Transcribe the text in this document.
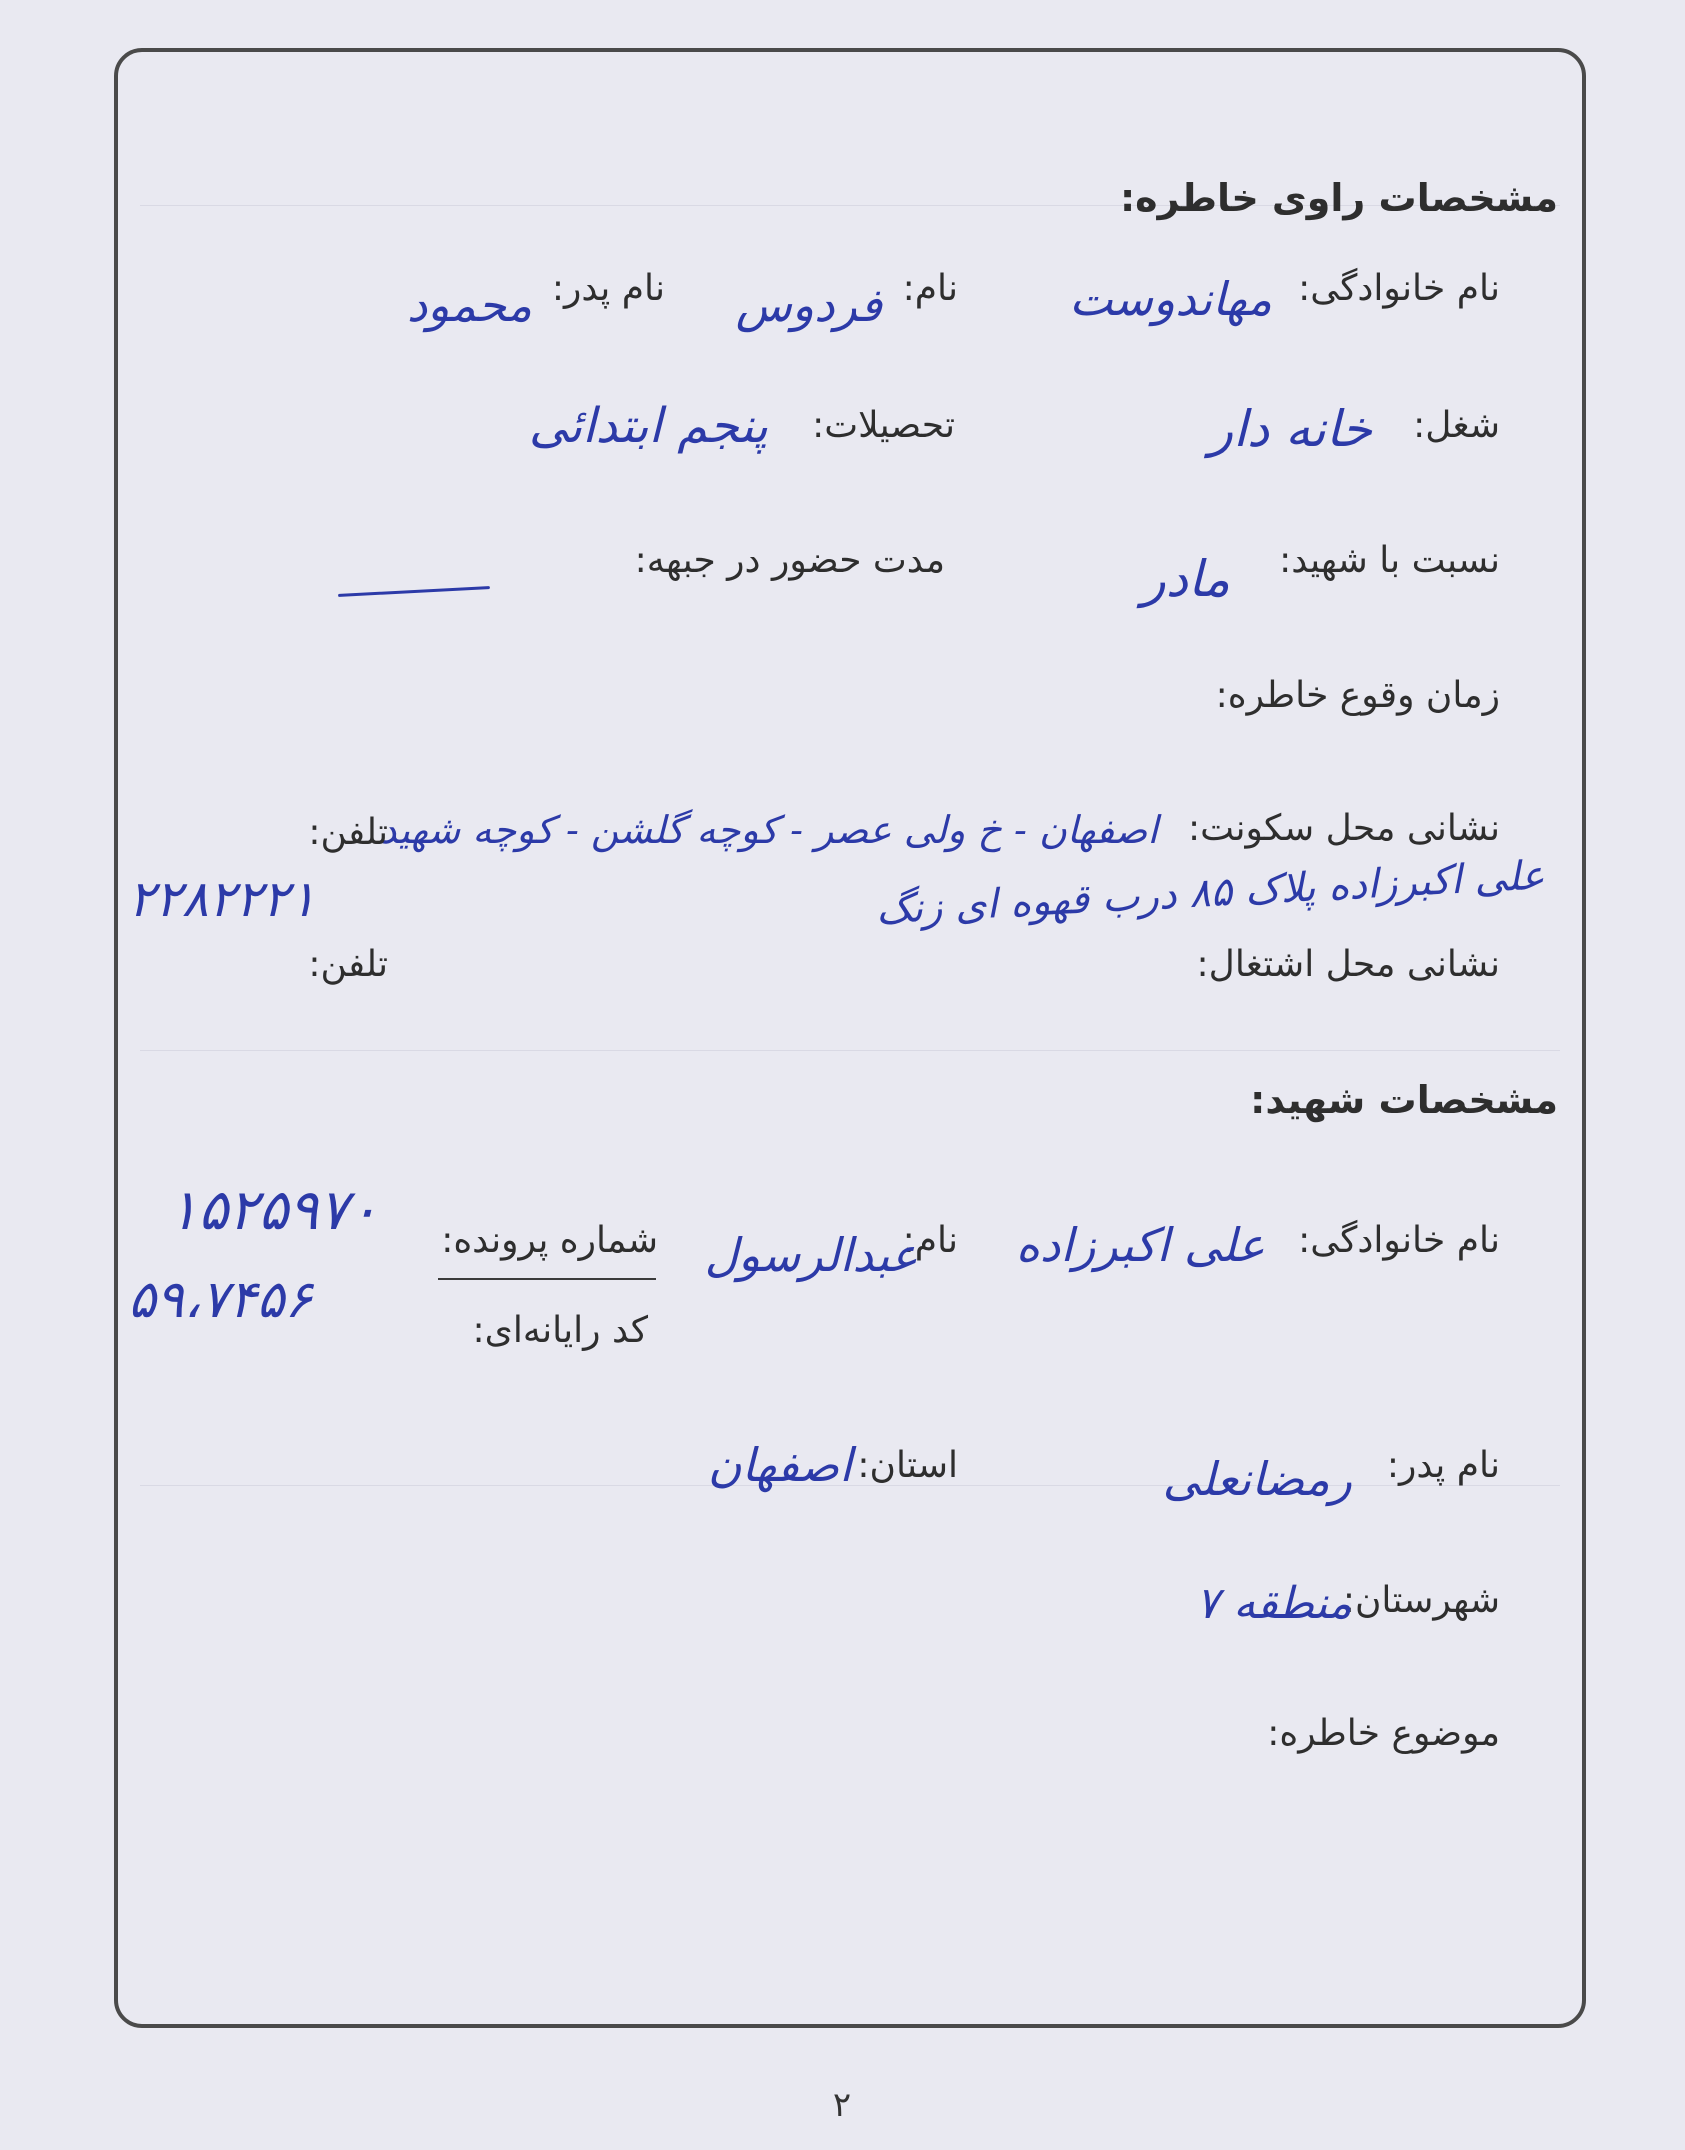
مشخصات راوی خاطره:
نام خانوادگی:
مهاندوست
نام:
فردوس
نام پدر:
محمود
شغل:
خانه دار
تحصیلات:
پنجم ابتدائی
نسبت با شهید:
مادر
مدت حضور در جبهه:
زمان وقوع خاطره:
نشانی محل سکونت:
اصفهان - خ ولی عصر - کوچه گلشن - کوچه شهید
تلفن:
۲۲۸۲۲۲۱	علی اکبرزاده پلاک ۸۵ درب قهوه ای زنگ
نشانی محل اشتغال:
تلفن:
مشخصات شهید:
۱۵۲۵۹۷۰	نام خانوادگی:
علی اکبرزاده
نام:
عبدالرسول
شماره پرونده:
۵۹،۷۴۵۶
کد رایانه‌ای:
نام پدر:
رمضانعلی
استان:
اصفهان
شهرستان:
منطقه ۷
موضوع خاطره:
۲
